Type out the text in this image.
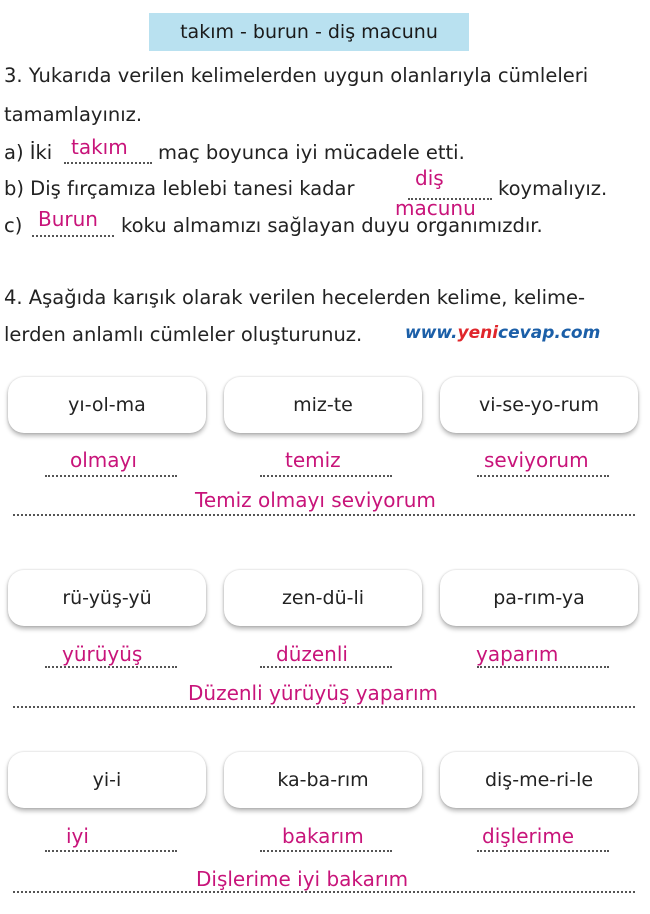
takım - burun - diş macunu
3. Yukarıda verilen kelimelerden uygun olanlarıyla cümleleri
tamamlayınız.
a) İki takım maç boyunca iyi mücadele etti.
b) Diş fırçamıza leblebi tanesi kadar	diş
macunu
koymalıyız.
c) Burun koku almamızı sağlayan duyu organımızdır.
4. Aşağıda karışık olarak verilen hecelerden kelime, kelime-
lerden anlamlı cümleler oluşturunuz.	www.yenicevap.com
yı-ol-ma	miz-te	vi-se-yo-rum
olmayı	temiz	seviyorum
Temiz olmayı seviyorum
rü-yüş-yü	zen-dü-li	pa-rım-ya
yürüyüş	düzenli	yaparım
Düzenli yürüyüş yaparım
yi-i	ka-ba-rım	diş-me-ri-le
iyi	bakarım	dişlerime
Dişlerime iyi bakarım
